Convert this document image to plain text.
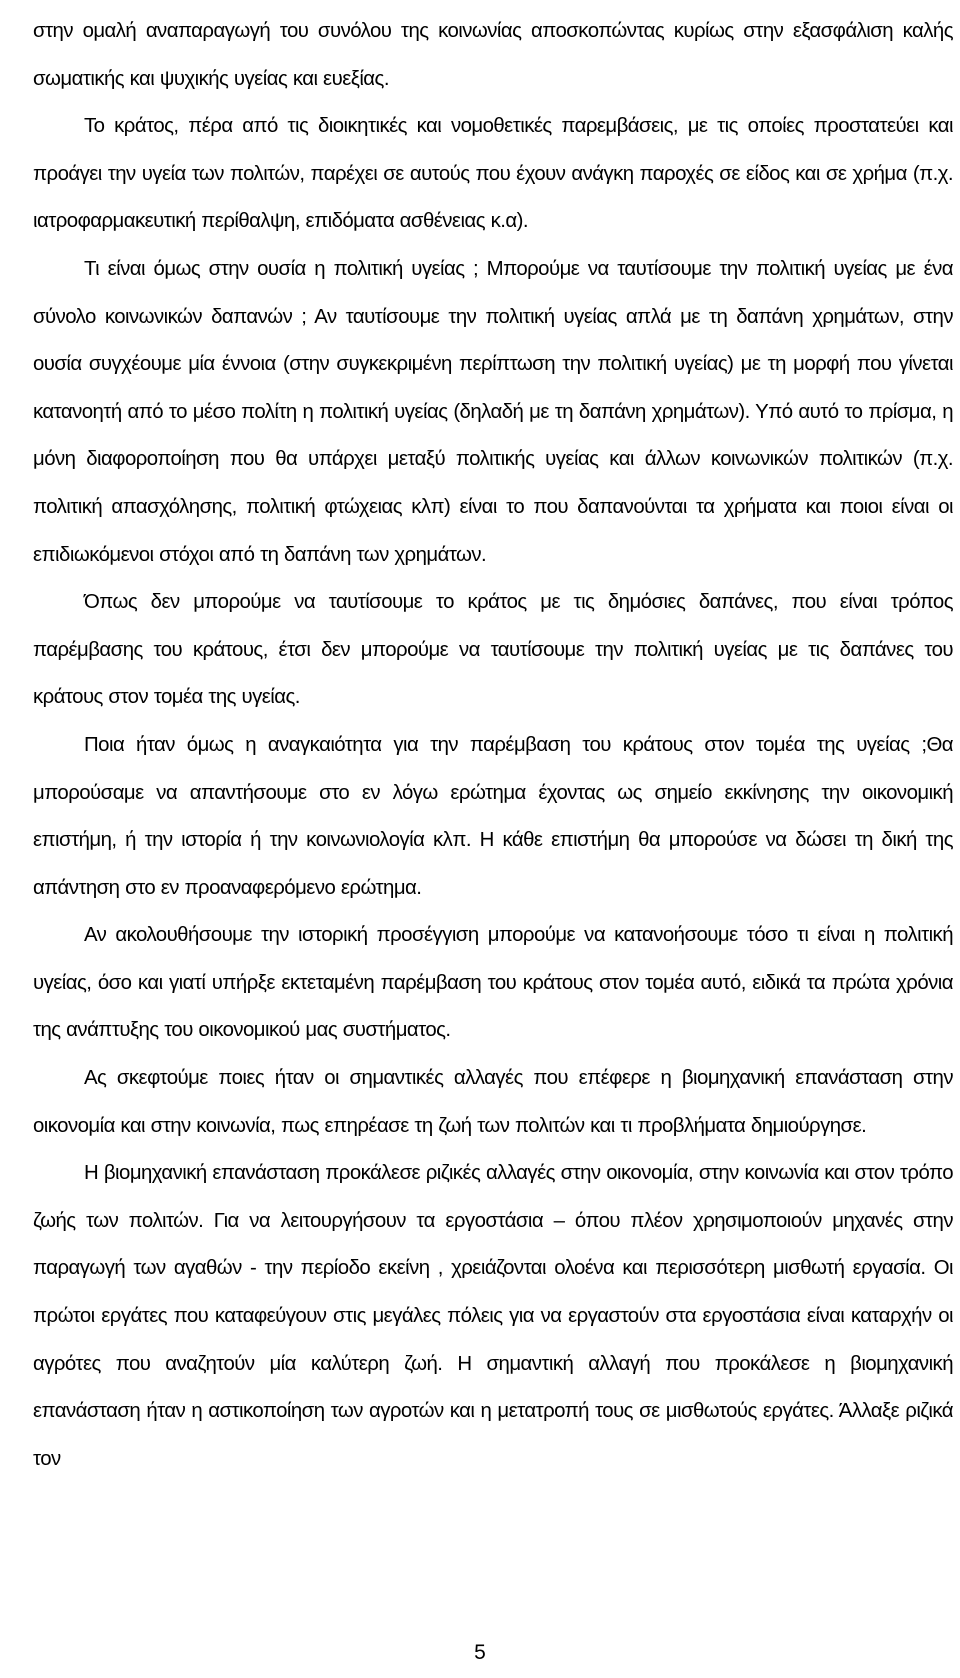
στην ομαλή αναπαραγωγή του συνόλου της κοινωνίας αποσκοπώντας κυρίως στην εξασφάλιση καλής σωματικής και ψυχικής υγείας και ευεξίας.

Το κράτος, πέρα από τις διοικητικές και νομοθετικές παρεμβάσεις, με τις οποίες προστατεύει και προάγει την υγεία των πολιτών, παρέχει σε αυτούς που έχουν ανάγκη παροχές σε είδος και σε χρήμα (π.χ. ιατροφαρμακευτική περίθαλψη, επιδόματα ασθένειας κ.α).

Τι είναι όμως στην ουσία η πολιτική υγείας ; Μπορούμε να ταυτίσουμε την πολιτική υγείας με ένα σύνολο κοινωνικών δαπανών ; Αν ταυτίσουμε την πολιτική υγείας απλά με τη δαπάνη χρημάτων, στην ουσία συγχέουμε μία έννοια (στην συγκεκριμένη περίπτωση την πολιτική υγείας) με τη μορφή που γίνεται κατανοητή από το μέσο πολίτη η πολιτική υγείας (δηλαδή με τη δαπάνη χρημάτων). Υπό αυτό το πρίσμα, η μόνη διαφοροποίηση που θα υπάρχει μεταξύ πολιτικής υγείας και άλλων κοινωνικών πολιτικών (π.χ. πολιτική απασχόλησης, πολιτική φτώχειας κλπ) είναι το που δαπανούνται τα χρήματα και ποιοι είναι οι επιδιωκόμενοι στόχοι από τη δαπάνη των χρημάτων.

Όπως δεν μπορούμε να ταυτίσουμε το κράτος με τις δημόσιες δαπάνες, που είναι τρόπος παρέμβασης του κράτους, έτσι δεν μπορούμε να ταυτίσουμε την πολιτική υγείας με τις δαπάνες του κράτους στον τομέα της υγείας.

Ποια ήταν όμως η αναγκαιότητα για την παρέμβαση του κράτους στον τομέα της υγείας ;Θα μπορούσαμε να απαντήσουμε στο εν λόγω ερώτημα έχοντας ως σημείο εκκίνησης την οικονομική επιστήμη, ή την ιστορία ή την κοινωνιολογία κλπ. Η κάθε επιστήμη θα μπορούσε να δώσει τη δική της απάντηση στο εν προαναφερόμενο ερώτημα.

Αν ακολουθήσουμε την ιστορική προσέγγιση μπορούμε να κατανοήσουμε τόσο τι είναι η πολιτική υγείας, όσο και γιατί υπήρξε εκτεταμένη παρέμβαση του κράτους στον τομέα αυτό, ειδικά τα πρώτα χρόνια της ανάπτυξης του οικονομικού μας συστήματος.

Ας σκεφτούμε ποιες ήταν οι σημαντικές αλλαγές που επέφερε η βιομηχανική επανάσταση στην οικονομία και στην κοινωνία, πως επηρέασε τη ζωή των πολιτών και τι προβλήματα δημιούργησε.

Η βιομηχανική επανάσταση προκάλεσε ριζικές αλλαγές στην οικονομία, στην κοινωνία και στον τρόπο ζωής των πολιτών. Για να λειτουργήσουν τα εργοστάσια – όπου πλέον χρησιμοποιούν μηχανές στην παραγωγή των αγαθών - την περίοδο εκείνη , χρειάζονται ολοένα και περισσότερη μισθωτή εργασία. Οι πρώτοι εργάτες που καταφεύγουν στις μεγάλες πόλεις για να εργαστούν στα εργοστάσια είναι καταρχήν οι αγρότες που αναζητούν μία καλύτερη ζωή. Η σημαντική αλλαγή που προκάλεσε η βιομηχανική επανάσταση ήταν η αστικοποίηση των αγροτών και η μετατροπή τους σε μισθωτούς εργάτες. Άλλαξε ριζικά τον

5
